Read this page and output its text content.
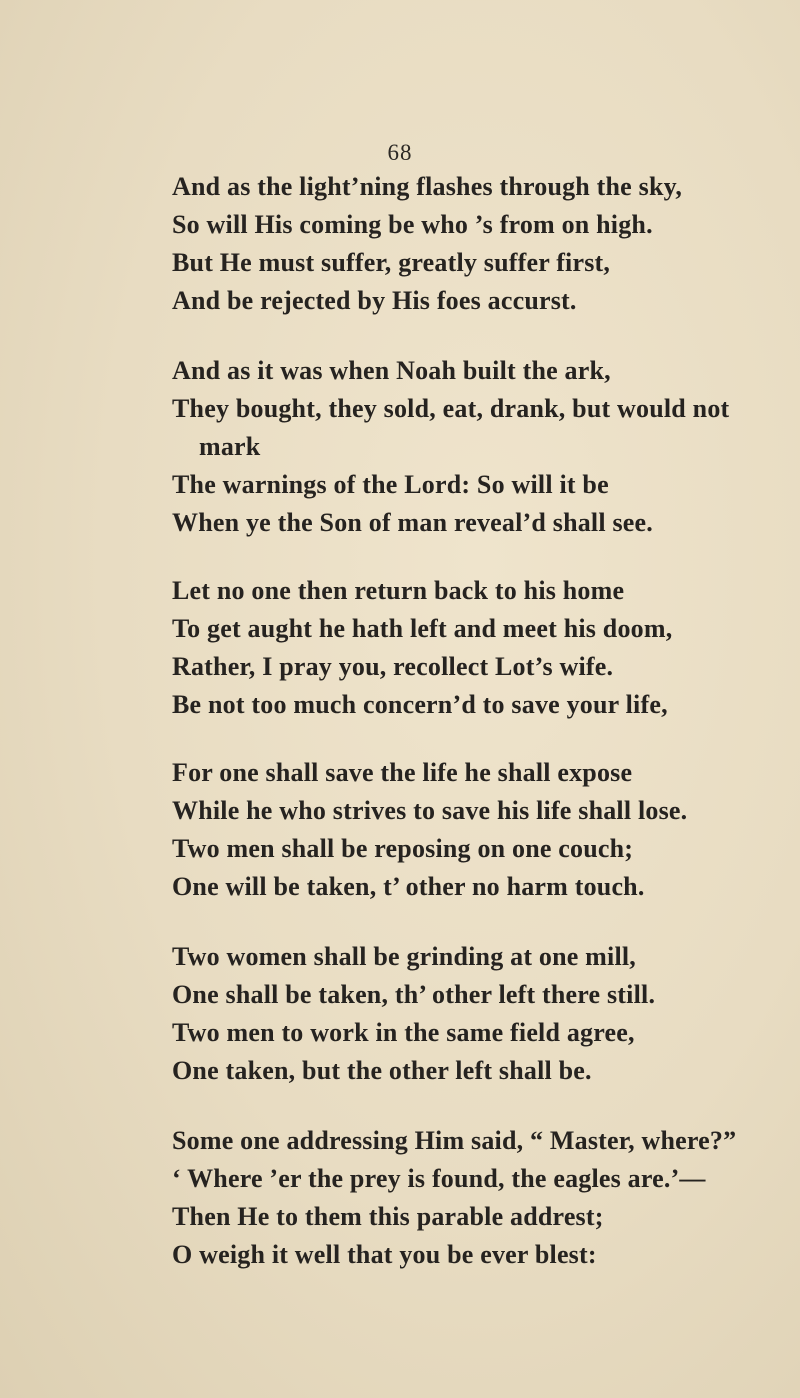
68
And as the light’ning flashes through the sky,
So will His coming be who ’s from on high.
But He must suffer, greatly suffer first,
And be rejected by His foes accurst.
And as it was when Noah built the ark,
They bought, they sold, eat, drank, but would not
mark
The warnings of the Lord: So will it be
When ye the Son of man reveal’d shall see.
Let no one then return back to his home
To get aught he hath left and meet his doom,
Rather, I pray you, recollect Lot’s wife.
Be not too much concern’d to save your life,
For one shall save the life he shall expose
While he who strives to save his life shall lose.
Two men shall be reposing on one couch;
One will be taken, t’ other no harm touch.
Two women shall be grinding at one mill,
One shall be taken, th’ other left there still.
Two men to work in the same field agree,
One taken, but the other left shall be.
Some one addressing Him said, “ Master, where?”
‘ Where ’er the prey is found, the eagles are.’—
Then He to them this parable addrest;
O weigh it well that you be ever blest:
